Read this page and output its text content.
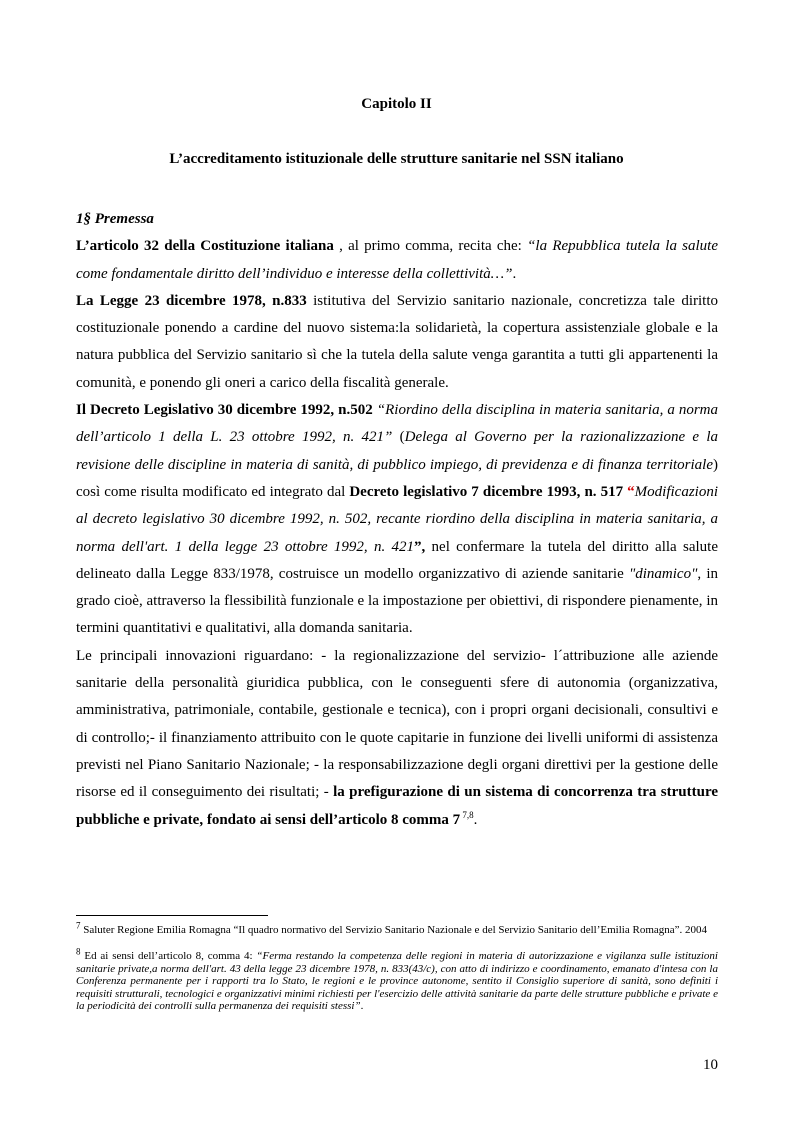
Capitolo II
L’accreditamento istituzionale delle strutture sanitarie nel SSN italiano

1§ Premessa

L’articolo 32 della Costituzione italiana , al primo comma, recita che: “la Repubblica tutela la salute come fondamentale diritto dell’individuo e interesse della collettività…”.

La Legge 23 dicembre 1978, n.833 istitutiva del Servizio sanitario nazionale, concretizza tale diritto costituzionale ponendo a cardine del nuovo sistema:la solidarietà, la copertura assistenziale globale e la natura pubblica del Servizio sanitario sì che la tutela della salute venga garantita a tutti gli appartenenti la comunità, e ponendo gli oneri a carico della fiscalità generale.

Il Decreto Legislativo 30 dicembre 1992, n.502 “Riordino della disciplina in materia sanitaria, a norma dell’articolo 1 della L. 23 ottobre 1992, n. 421” (Delega al Governo per la razionalizzazione e la revisione delle discipline in materia di sanità, di pubblico impiego, di previdenza e di finanza territoriale) così come risulta modificato ed integrato dal Decreto legislativo 7 dicembre 1993, n. 517 “Modificazioni al decreto legislativo 30 dicembre 1992, n. 502, recante riordino della disciplina in materia sanitaria, a norma dell'art. 1 della legge 23 ottobre 1992, n. 421”, nel confermare la tutela del diritto alla salute delineato dalla Legge 833/1978, costruisce un modello organizzativo di aziende sanitarie "dinamico", in grado cioè, attraverso la flessibilità funzionale e la impostazione per obiettivi, di rispondere pienamente, in termini quantitativi e qualitativi, alla domanda sanitaria.

Le principali innovazioni riguardano: - la regionalizzazione del servizio- l´attribuzione alle aziende sanitarie della personalità giuridica pubblica, con le conseguenti sfere di autonomia (organizzativa, amministrativa, patrimoniale, contabile, gestionale e tecnica), con i propri organi decisionali, consultivi e di controllo;- il finanziamento attribuito con le quote capitarie in funzione dei livelli uniformi di assistenza previsti nel Piano Sanitario Nazionale; - la responsabilizzazione degli organi direttivi per la gestione delle risorse ed il conseguimento dei risultati; - la prefigurazione di un sistema di concorrenza tra strutture pubbliche e private, fondato ai sensi dell’articolo 8 comma 7 $^{7,8}$.

$^7$ Saluter Regione Emilia Romagna “Il quadro normativo del Servizio Sanitario Nazionale e del Servizio Sanitario dell’Emilia Romagna”. 2004
$^8$ Ed ai sensi dell’articolo 8, comma 4: “Ferma restando la competenza delle regioni in materia di autorizzazione e vigilanza sulle istituzioni sanitarie private,a norma dell'art. 43 della legge 23 dicembre 1978, n. 833(43/c), con atto di indirizzo e coordinamento, emanato d'intesa con la Conferenza permanente per i rapporti tra lo Stato, le regioni e le province autonome, sentito il Consiglio superiore di sanità, sono definiti i requisiti strutturali, tecnologici e organizzativi minimi richiesti per l'esercizio delle attività sanitarie da parte delle strutture pubbliche e private e la periodicità dei controlli sulla permanenza dei requisiti stessi”.
10
